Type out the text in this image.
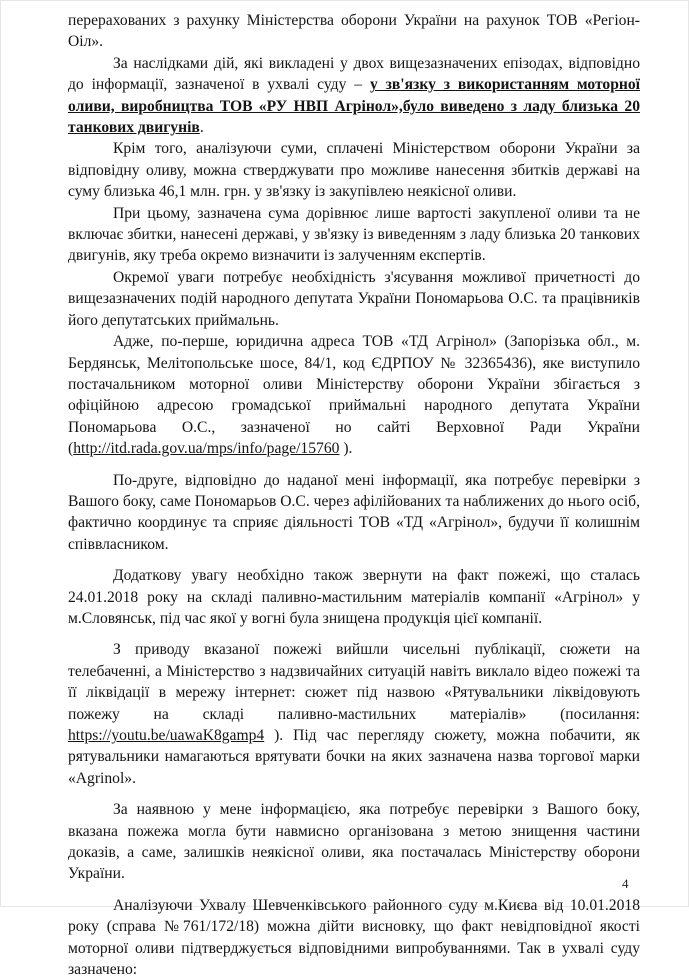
перерахованих з рахунку Міністерства оборони України на рахунок ТОВ «Регіон-Оіл».

За наслідками дій, які викладені у двох вищезазначених епізодах, відповідно до інформації, зазначеної в ухвалі суду – у зв'язку з використанням моторної оливи, виробництва ТОВ «РУ НВП Агрінол»,було виведено з ладу близька 20 танкових двигунів.

Крім того, аналізуючи суми, сплачені Міністерством оборони України за відповідну оливу, можна стверджувати про можливе нанесення збитків державі на суму близька 46,1 млн. грн. у зв'язку із закупівлею неякісної оливи.

При цьому, зазначена сума дорівнює лише вартості закупленої оливи та не включає збитки, нанесені державі, у зв'язку із виведенням з ладу близька 20 танкових двигунів, яку треба окремо визначити із залученням експертів.

Окремої уваги потребує необхідність з'ясування можливої причетності до вищезазначених подій народного депутата України Пономарьова О.С. та працівників його депутатських приймальнь.

Адже, по-перше, юридична адреса ТОВ «ТД Агрінол» (Запорізька обл., м. Бердянськ, Мелітопольське шосе, 84/1, код ЄДРПОУ № 32365436), яке виступило постачальником моторної оливи Міністерству оборони України збігається з офіційною адресою громадської приймальні народного депутата України Пономарьова О.С., зазначеної но сайті Верховної Ради України (http://itd.rada.gov.ua/mps/info/page/15760 ).

По-друге, відповідно до наданої мені інформації, яка потребує перевірки з Вашого боку, саме Пономарьов О.С. через афілійованих та наближених до нього осіб, фактично координує та сприяє діяльності ТОВ «ТД «Агрінол», будучи її колишнім співвласником.

Додаткову увагу необхідно також звернути на факт пожежі, що сталась 24.01.2018 року на складі паливно-мастильним матеріалів компанії «Агрінол» у м.Словянськ, під час якої у вогні була знищена продукція цієї компанії.

З приводу вказаної пожежі вийшли чисельні публікації, сюжети на телебаченні, а Міністерство з надзвичайних ситуацій навіть виклало відео пожежі та її ліквідації в мережу інтернет: сюжет під назвою «Рятувальники ліквідовують пожежу на складі паливно-мастильних матеріалів» (посилання: https://youtu.be/uawaK8gamp4 ). Під час перегляду сюжету, можна побачити, як рятувальники намагаються врятувати бочки на яких зазначена назва торгової марки «Agrinol».

За наявною у мене інформацією, яка потребує перевірки з Вашого боку, вказана пожежа могла бути навмисно організована з метою знищення частини доказів, а саме, залишків неякісної оливи, яка постачалась Міністерству оборони України.

Аналізуючи Ухвалу Шевченківського районного суду м.Києва від 10.01.2018 року (справа №761/172/18) можна дійти висновку, що факт невідповідної якості моторної оливи підтверджується відповідними випробуваннями. Так в ухвалі суду зазначено:

4
